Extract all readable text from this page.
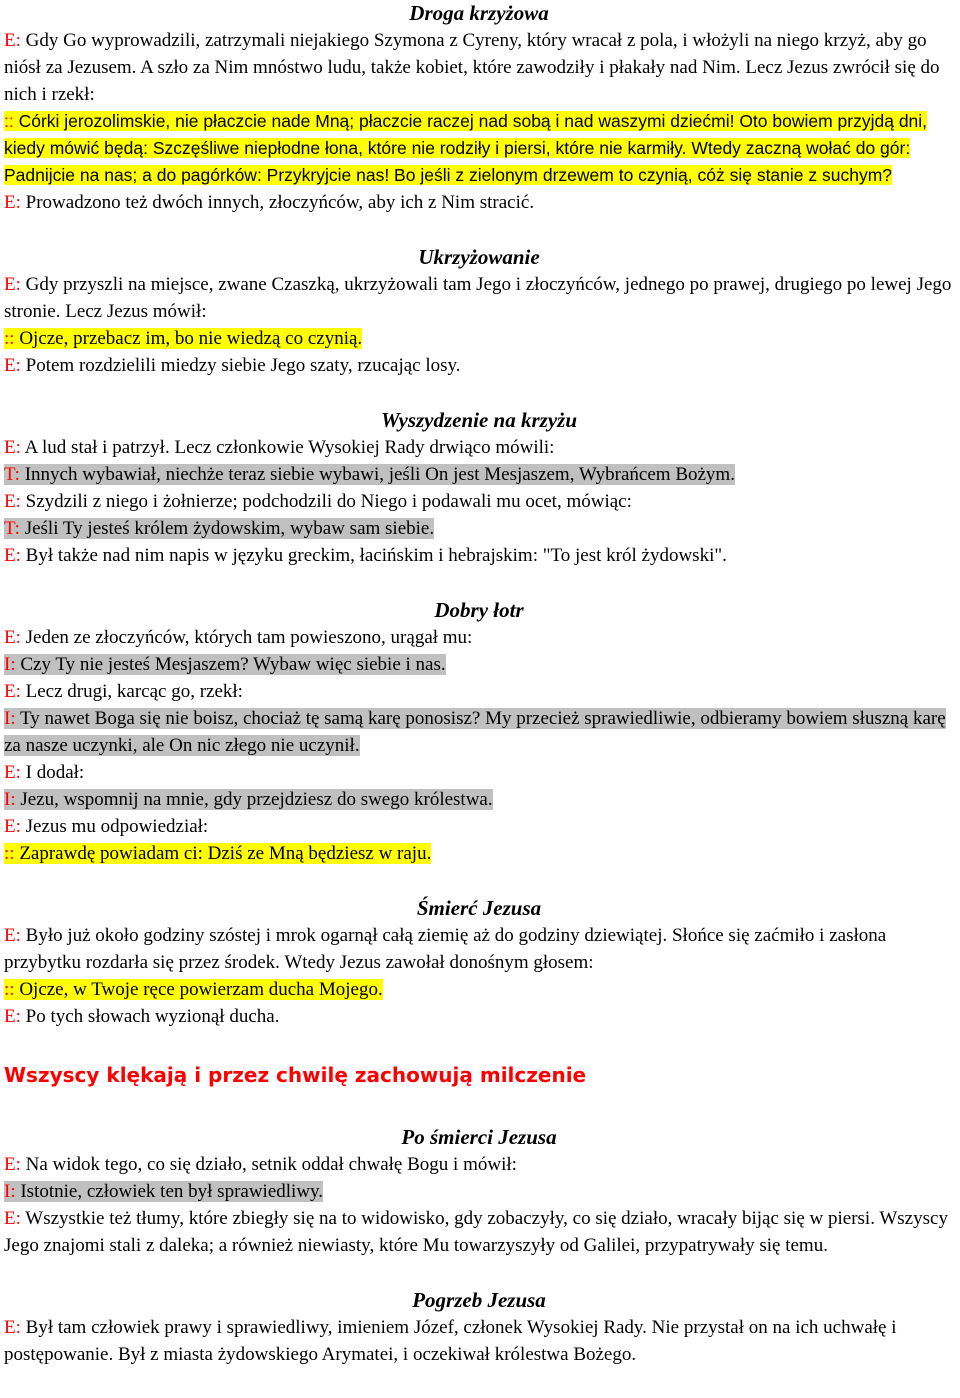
Droga krzyżowa

E: Gdy Go wyprowadzili, zatrzymali niejakiego Szymona z Cyreny, który wracał z pola, i włożyli na niego krzyż, aby go niósł za Jezusem. A szło za Nim mnóstwo ludu, także kobiet, które zawodziły i płakały nad Nim. Lecz Jezus zwrócił się do nich i rzekł:

:: Córki jerozolimskie, nie płaczcie nade Mną; płaczcie raczej nad sobą i nad waszymi dziećmi! Oto bowiem przyjdą dni, kiedy mówić będą: Szczęśliwe niepłodne łona, które nie rodziły i piersi, które nie karmiły. Wtedy zaczną wołać do gór: Padnijcie na nas; a do pagórków: Przykryjcie nas! Bo jeśli z zielonym drzewem to czynią, cóż się stanie z suchym?

E: Prowadzono też dwóch innych, złoczyńców, aby ich z Nim stracić.

Ukrzyżowanie

E: Gdy przyszli na miejsce, zwane Czaszką, ukrzyżowali tam Jego i złoczyńców, jednego po prawej, drugiego po lewej Jego stronie. Lecz Jezus mówił:

:: Ojcze, przebacz im, bo nie wiedzą co czynią.

E: Potem rozdzielili miedzy siebie Jego szaty, rzucając losy.

Wyszydzenie na krzyżu

E: A lud stał i patrzył. Lecz członkowie Wysokiej Rady drwiąco mówili:

T: Innych wybawiał, niechże teraz siebie wybawi, jeśli On jest Mesjaszem, Wybrańcem Bożym.

E: Szydzili z niego i żołnierze; podchodzili do Niego i podawali mu ocet, mówiąc:

T: Jeśli Ty jesteś królem żydowskim, wybaw sam siebie.

E: Był także nad nim napis w języku greckim, łacińskim i hebrajskim: "To jest król żydowski".

Dobry łotr

E: Jeden ze złoczyńców, których tam powieszono, urągał mu:

I: Czy Ty nie jesteś Mesjaszem? Wybaw więc siebie i nas.

E: Lecz drugi, karcąc go, rzekł:

I: Ty nawet Boga się nie boisz, chociaż tę samą karę ponosisz? My przecież sprawiedliwie, odbieramy bowiem słuszną karę za nasze uczynki, ale On nic złego nie uczynił.

E: I dodał:

I: Jezu, wspomnij na mnie, gdy przejdziesz do swego królestwa.

E: Jezus mu odpowiedział:

:: Zaprawdę powiadam ci: Dziś ze Mną będziesz w raju.

Śmierć Jezusa

E: Było już około godziny szóstej i mrok ogarnął całą ziemię aż do godziny dziewiątej. Słońce się zaćmiło i zasłona przybytku rozdarła się przez środek. Wtedy Jezus zawołał donośnym głosem:

:: Ojcze, w Twoje ręce powierzam ducha Mojego.

E: Po tych słowach wyzionął ducha.

Wszyscy klękają i przez chwilę zachowują milczenie

Po śmierci Jezusa

E: Na widok tego, co się działo, setnik oddał chwałę Bogu i mówił:

I: Istotnie, człowiek ten był sprawiedliwy.

E: Wszystkie też tłumy, które zbiegły się na to widowisko, gdy zobaczyły, co się działo, wracały bijąc się w piersi. Wszyscy Jego znajomi stali z daleka; a również niewiasty, które Mu towarzyszyły od Galilei, przypatrywały się temu.

Pogrzeb Jezusa

E: Był tam człowiek prawy i sprawiedliwy, imieniem Józef, członek Wysokiej Rady. Nie przystał on na ich uchwałę i postępowanie. Był z miasta żydowskiego Arymatei, i oczekiwał królestwa Bożego.
